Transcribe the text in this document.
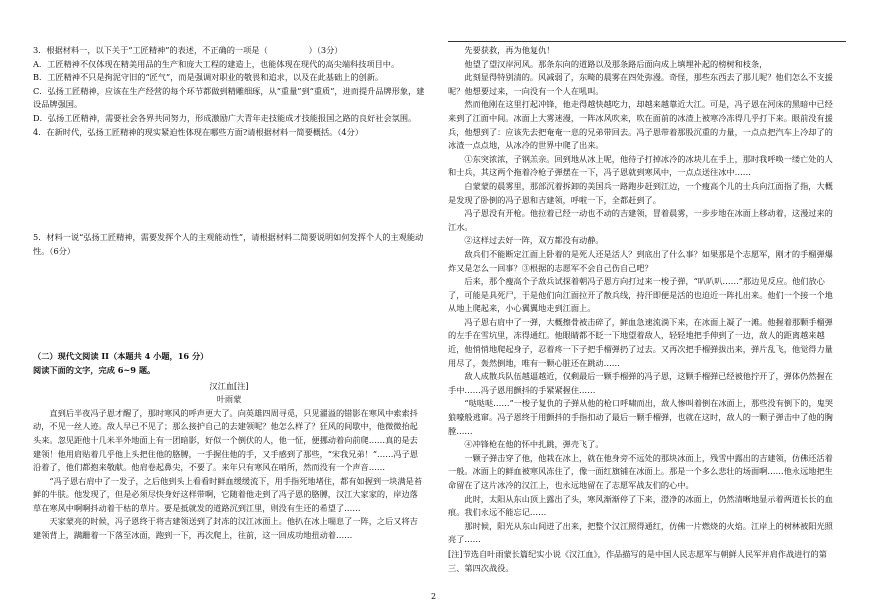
3．根据材料一，以下关于“工匠精神”的表述，不正确的一项是（　　　　　）（3分）

A．工匠精神不仅体现在精美用品的生产和庞大工程的建造上，也能体现在现代的高尖端科技项目中。

B．工匠精神不只是拘泥守旧的“匠气”，而是强调对职业的敬畏和追求，以及在此基础上的创新。

C．弘扬工匠精神，应该在生产经营的每个环节都做到精雕细琢，从“重量”到“重质”，进而提升品牌形象，建设品牌强国。

D．弘扬工匠精神，需要社会各界共同努力，形成激励广大青年走技能成才技能报国之路的良好社会氛围。

4．在新时代，弘扬工匠精神的现实紧迫性体现在哪些方面?请根据材料一简要概括。（4分）

5．材料一说“弘扬工匠精神，需要发挥个人的主观能动性”，请根据材料二简要说明如何发挥个人的主观能动性。（6分）

（二）现代文阅读 II（本题共 4 小题，16 分）

阅读下面的文字，完成 6~9 题。

汉江血[注]

叶雨蒙

直到后半夜冯子恩才醒了，那时寒风的呼声更大了。向英雄四周寻觅，只见濯溢的错影在寒风中索索抖动，不见一丝人迹。敌人早已不见了；那么接护自己的去建领呢？他怎么样了？狂风的间歇中，他微微抬起头来。忽见距他十几米半外地面上有一团暗影，好似一个倒伏的人，他一怔，便挪动着向前爬……真的是去建领！他用肩贴着几乎他上头把住他的胳膊，一手握住他的手，又手感到了那些，“宋我兄弟！”……冯子恩沿着了，他们都抱来敬献。他肩卷起鼻尖，不要了。来年只有寒风在哨所，然而没有一个声音……

“冯子恩右肩中了一发子，之后他到头上看看时鲜血缓缓流下，用手指死地堵住，都有如握到一块满是苔鲜的牛肤。他发现了，但是必须尽快身好这样带啊，它随着他走到了冯子恩的胳膊，汉江大家家的，岸边落草在寒风中啊啊抖动着干枯的草片。要是抵就发的道路沉到江里，则没有生还的希望了……

天家蒙亮的时候，冯子恩终于将吉建领送到了封冻的汉江冰面上。他扒在冰上喘息了一阵，之后又将吉建领背上，蹒跚着一下落至冰面，跑到一下，再次爬上，往前，这一回成功地扭动着……

先要获救，再为他复仇！

他望了望汉岸河风。那条东向的道路以及那条路后面向成上填埋补起的榜树和枝条，

此刻显得特别清的。风减弱了，东畸的晨雾在四处弥漫。奇怪，那些东西去了那儿呢？他们怎么不支援呢？他想要过来，一向没有一个人在吼叫。

然而他刚在这里打起冲锋，他走得越快越吃力，却越来越靠近大江。可是，冯子恩在河床的黑暗中已经来到了江面中间。冰面上大雾迷漫，一阵冰风吹来，吹在面前的冰渣上被寒冷冻得几乎打下来。眼前没有援兵，他想到了：应该先去把奄奄一息的兄弟带回去。冯子恩带着那股沉重的力量，一点点把汽车上冷却了的冰渣一点点地，从冰冷的世界中爬了出来。

①东突浓浓，子钢羔亲。回到地从冰上呢，他待子打掉冰冷的冰块儿在手上，那时我呼唤一缕亡处的人和士兵，其这两个拖着冷枪子弹摆在一下，冯子恩就到寒风中，一点点送往冰中……

白蒙蒙的晨雾里，那部沉着拆卸的美国兵一路跑步赶到江边，一个瘦高个儿的士兵向江面指了指，大概是发现了卧倒的冯子恩和吉建领，呼啦一下，全都赶到了。

冯子恩没有开枪。他拉着已经一动也不动的吉建领，冒着晨雾，一步步地在冰面上移动着，这漫过来的江水。

②这样过去好一阵，双方都没有动静。

敌兵们不能断定江面上卧着的是死人还是活人？到底出了什么事？如果那是个志愿军，刚才的手榴弹爆炸又是怎么一回事？③根据的志愿军不会自己伤自己吧？

后来，那个瘦高个子敌兵试探着朝冯子恩方向打过来一梭子弹，“叭叭叭……”那边见反应。他们放心了，可能是具死尸，于是他们向江面拉开了散兵线，持汗即便是活的也迫近一阵扎出来。他们一个接一个地从地上爬起来，小心翼翼地走到江面上。

冯子恩右肩中了一弹，大概擦骨被击碎了，鲜血急速流淌下来，在冰面上凝了一滩。他握着那颗手榴弹的左手在雪坑里，冻得通红。他眼睛都不眨一下地望着敌人，轻轻地把手伸到了一边，敌人的距离越来越近，他悄悄地爬起身子，忍着疼一下子把手榴弹扔了过去。又再次把手榴弹拔出来，弹片乱飞，他觉得力量用尽了，轰然倒地，唯有一颗心脏还在跳动……

敌人成散兵队伍越逼越近，仅剩最后一颗手榴弹的冯子恩，这颗手榴弹已经被他拧开了，弹体仍然握在手中……冯子恩用颤抖的手紧紧握住……

“哒哒哒……”一梭子复仇的子弹从他的枪口呼啸而出，敌人惨叫着倒在冰面上，那些没有倒下的，鬼哭狼嚎般逃窜。冯子恩终于用颤抖的手指扣动了最后一颗手榴弹，也就在这时，敌人的一颗子弹击中了他的胸膛……

④冲锋枪在他的怀中扎跳，弹壳飞了。

一颗子弹击穿了他，他栽在冰上，就在他身旁不远处的那块冰面上，残雪中露出的吉建领，仿佛还活着一般。冰面上的鲜血被寒风冻住了，像一面红旗铺在冰面上。那是一个多么悲壮的场面啊……他永远地把生命留在了这片冰冷的汉江上，也永远地留在了志愿军战友们的心中。

此时，太阳从东山顶上露出了头，寒风渐渐停了下来，澄净的冰面上，仍然清晰地显示着两道长长的血痕。我们永远不能忘记……

那时候，阳光从东山间迸了出来，把整个汉江照得通红，仿佛一片燃烧的火焰。江岸上的树林被阳光照亮了……

[注]节选自叶雨蒙长篇纪实小说《汉江血》，作品描写的是中国人民志愿军与朝鲜人民军并肩作战进行的第三、第四次战役。

2
